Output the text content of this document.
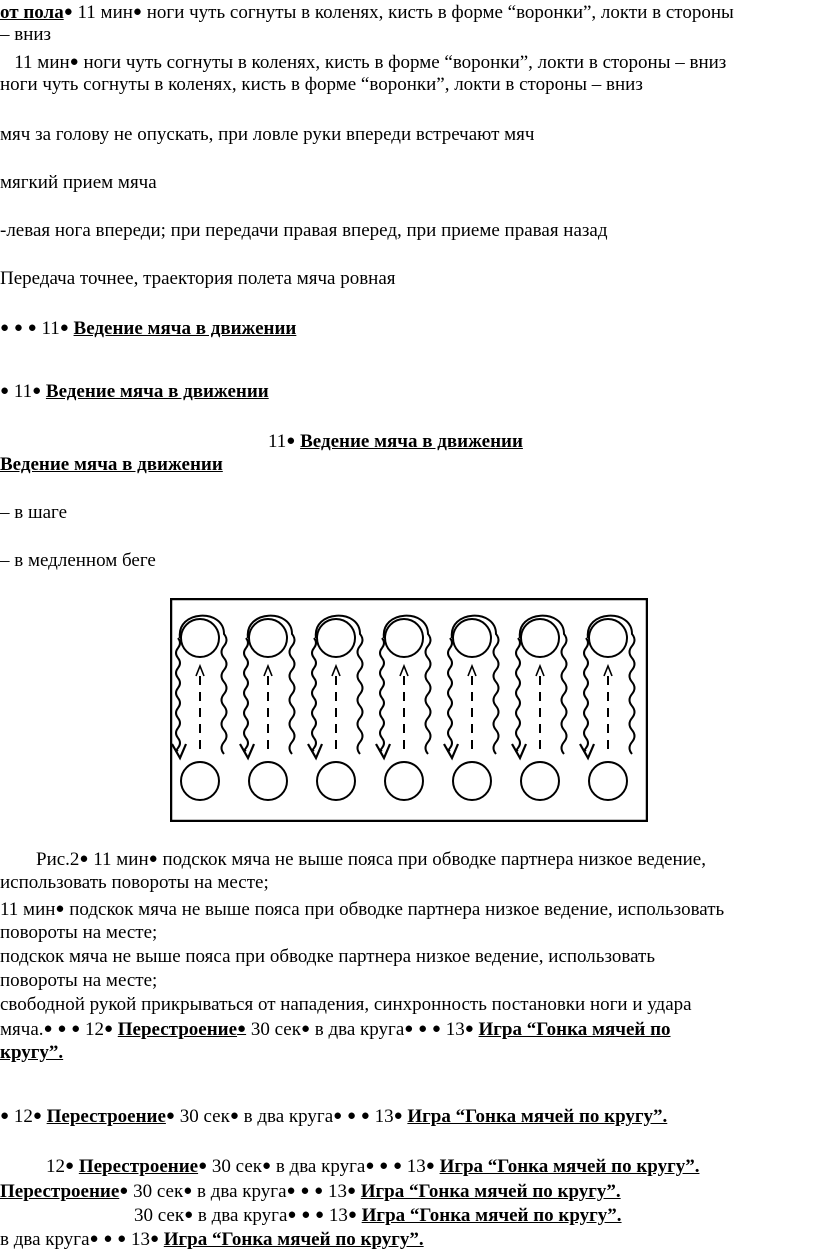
от пола● 11 мин● ноги чуть согнуты в коленях, кисть в форме “воронки”, локти в стороны
– вниз
11 мин● ноги чуть согнуты в коленях, кисть в форме “воронки”, локти в стороны – вниз
ноги чуть согнуты в коленях, кисть в форме “воронки”, локти в стороны – вниз
мяч за голову не опускать, при ловле руки впереди встречают мяч
мягкий прием мяча
-левая нога впереди; при передачи правая вперед, при приеме правая назад
Передача точнее, траектория полета мяча ровная
● ● ● 11● Ведение мяча в движении
● 11● Ведение мяча в движении
11● Ведение мяча в движении
Ведение мяча в движении
– в шаге
– в медленном беге
Рис.2● 11 мин● подскок мяча не выше пояса при обводке партнера низкое ведение,
использовать повороты на месте;
11 мин● подскок мяча не выше пояса при обводке партнера низкое ведение, использовать
повороты на месте;
подскок мяча не выше пояса при обводке партнера низкое ведение, использовать
повороты на месте;
свободной рукой прикрываться от нападения, синхронность постановки ноги и удара
мяча.● ● ● 12● Перестроение● 30 сек● в два круга● ● ● 13● Игра “Гонка мячей по
кругу”.
● 12● Перестроение● 30 сек● в два круга● ● ● 13● Игра “Гонка мячей по кругу”.
12● Перестроение● 30 сек● в два круга● ● ● 13● Игра “Гонка мячей по кругу”.
Перестроение● 30 сек● в два круга● ● ● 13● Игра “Гонка мячей по кругу”.
30 сек● в два круга● ● ● 13● Игра “Гонка мячей по кругу”.
в два круга● ● ● 13● Игра “Гонка мячей по кругу”.
